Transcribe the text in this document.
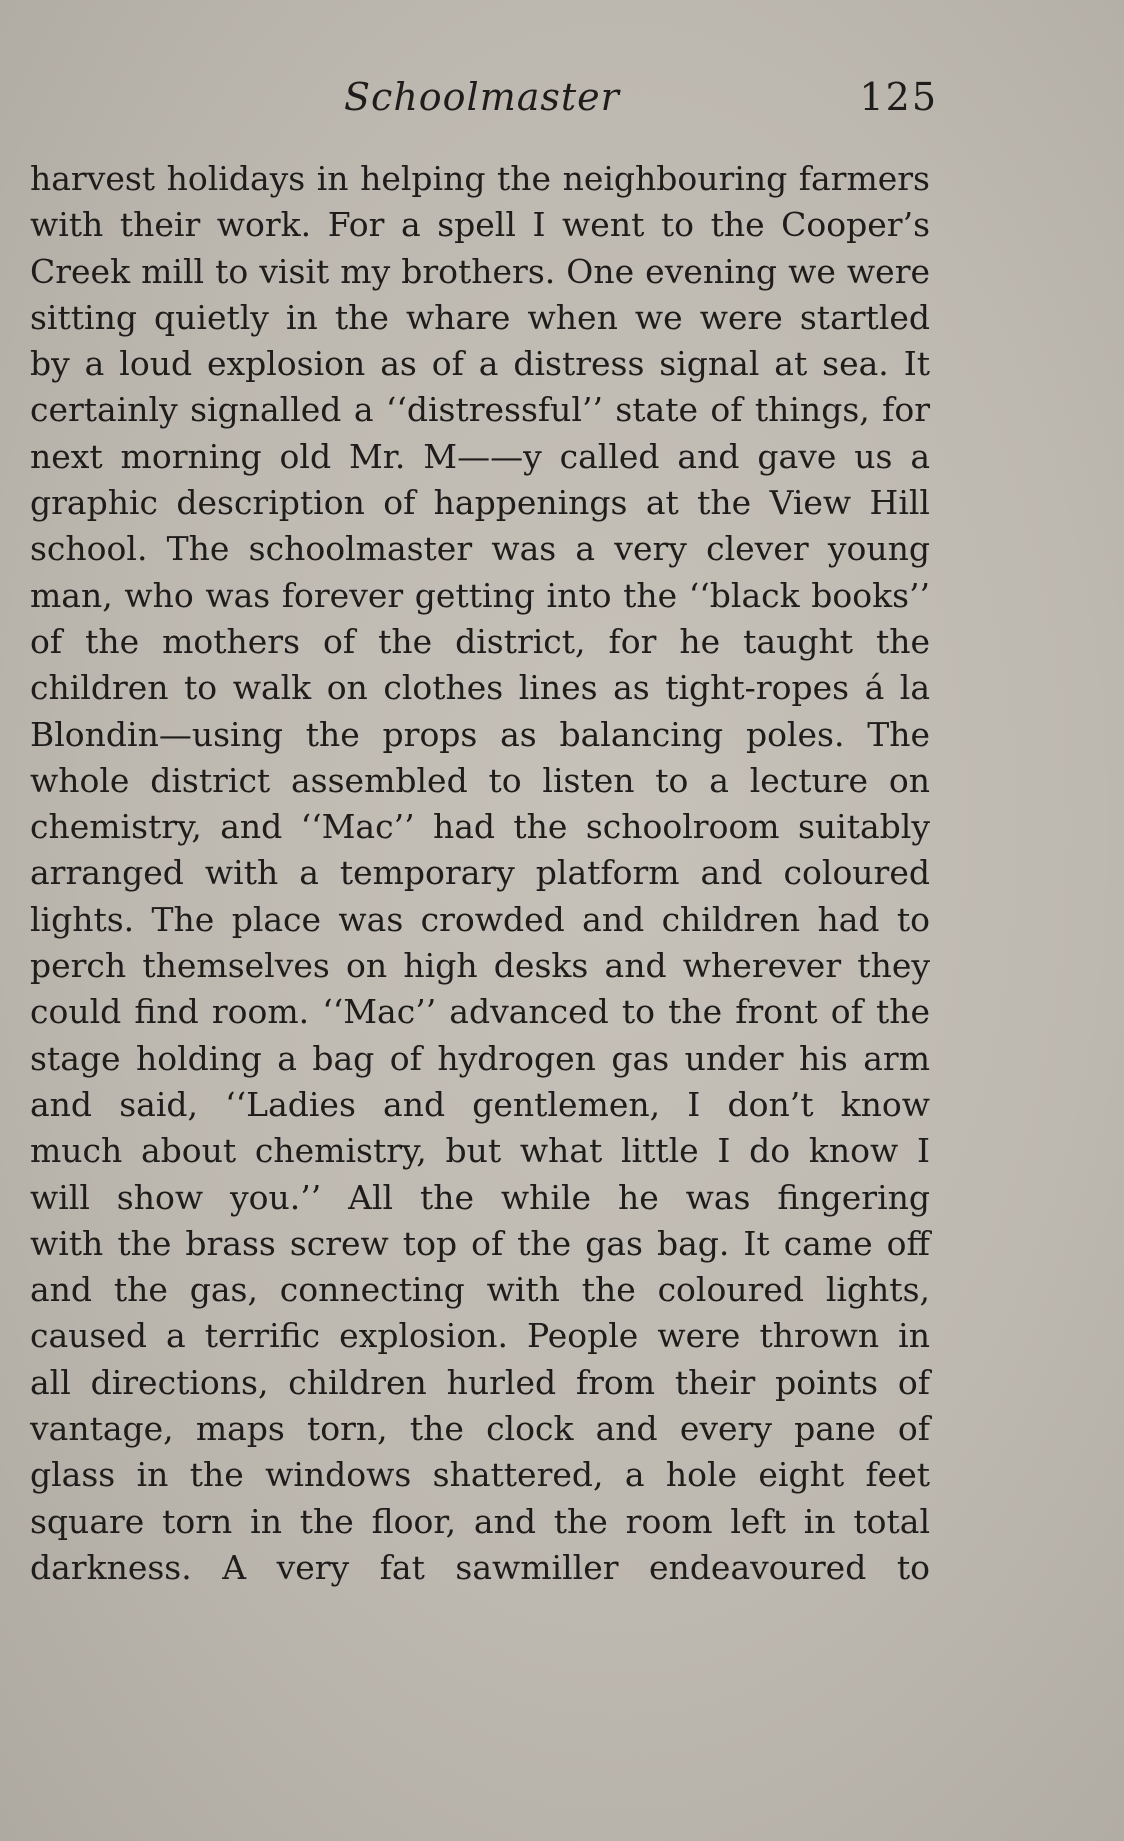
Schoolmaster	125
harvest holidays in helping the neighbouring farmers
with their work. For a spell I went to the Cooper’s
Creek mill to visit my brothers. One evening we were
sitting quietly in the whare when we were startled
by a loud explosion as of a distress signal at sea. It
certainly signalled a ‘‘distressful’’ state of things, for
next morning old Mr. M——y called and gave us a
graphic description of happenings at the View Hill
school. The schoolmaster was a very clever young
man, who was forever getting into the ‘‘black books’’
of the mothers of the district, for he taught the
children to walk on clothes lines as tight-ropes á la
Blondin—using the props as balancing poles. The
whole district assembled to listen to a lecture on
chemistry, and ‘‘Mac’’ had the schoolroom suitably
arranged with a temporary platform and coloured
lights. The place was crowded and children had to
perch themselves on high desks and wherever they
could find room. ‘‘Mac’’ advanced to the front of the
stage holding a bag of hydrogen gas under his arm
and said, ‘‘Ladies and gentlemen, I don’t know
much about chemistry, but what little I do know I
will show you.’’ All the while he was fingering
with the brass screw top of the gas bag. It came off
and the gas, connecting with the coloured lights,
caused a terrific explosion. People were thrown in
all directions, children hurled from their points of
vantage, maps torn, the clock and every pane of
glass in the windows shattered, a hole eight feet
square torn in the floor, and the room left in total
darkness. A very fat sawmiller endeavoured to
